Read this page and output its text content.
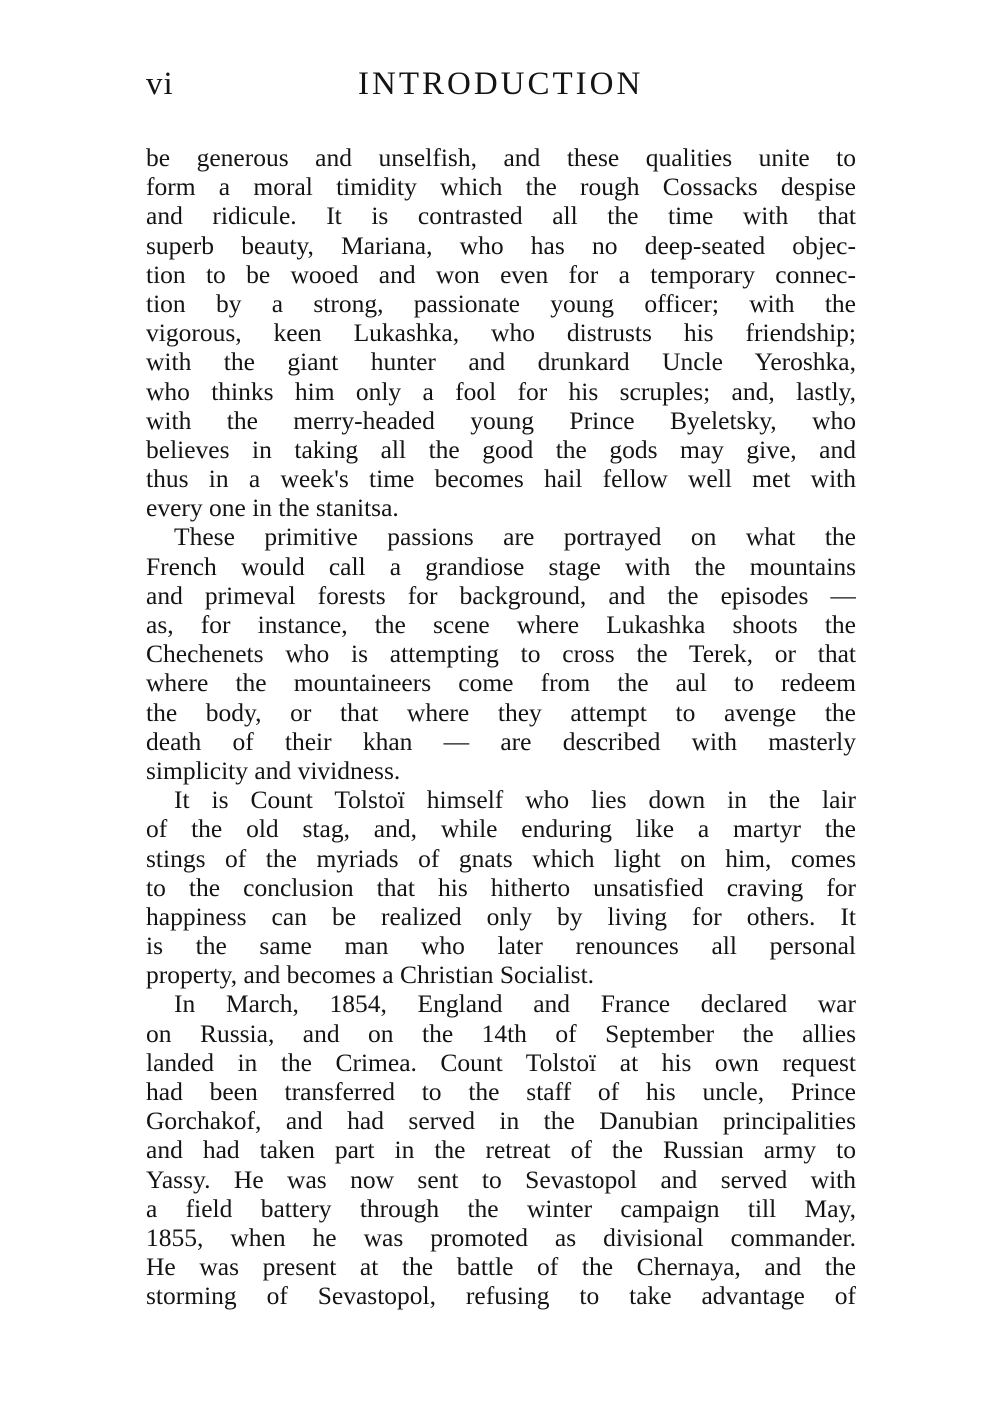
vi	INTRODUCTION
be generous and unselfish, and these qualities unite to
form a moral timidity which the rough Cossacks despise
and ridicule. It is contrasted all the time with that
superb beauty, Mariana, who has no deep-seated objec-
tion to be wooed and won even for a temporary connec-
tion by a strong, passionate young officer; with the
vigorous, keen Lukashka, who distrusts his friendship;
with the giant hunter and drunkard Uncle Yeroshka,
who thinks him only a fool for his scruples; and, lastly,
with the merry-headed young Prince Byeletsky, who
believes in taking all the good the gods may give, and
thus in a week's time becomes hail fellow well met with
every one in the stanitsa.
These primitive passions are portrayed on what the
French would call a grandiose stage with the mountains
and primeval forests for background, and the episodes —
as, for instance, the scene where Lukashka shoots the
Chechenets who is attempting to cross the Terek, or that
where the mountaineers come from the aul to redeem
the body, or that where they attempt to avenge the
death of their khan — are described with masterly
simplicity and vividness.
It is Count Tolstoï himself who lies down in the lair
of the old stag, and, while enduring like a martyr the
stings of the myriads of gnats which light on him, comes
to the conclusion that his hitherto unsatisfied craving for
happiness can be realized only by living for others. It
is the same man who later renounces all personal
property, and becomes a Christian Socialist.
In March, 1854, England and France declared war
on Russia, and on the 14th of September the allies
landed in the Crimea. Count Tolstoï at his own request
had been transferred to the staff of his uncle, Prince
Gorchakof, and had served in the Danubian principalities
and had taken part in the retreat of the Russian army to
Yassy. He was now sent to Sevastopol and served with
a field battery through the winter campaign till May,
1855, when he was promoted as divisional commander.
He was present at the battle of the Chernaya, and the
storming of Sevastopol, refusing to take advantage of
